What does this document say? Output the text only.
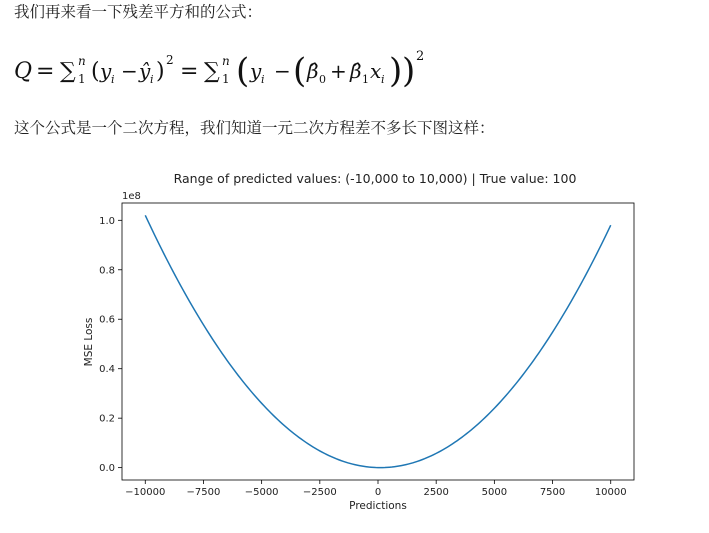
我们再来看一下残差平方和的公式：

Q = ∑ n
1 ( y i − ŷ i ) 2 = ∑ n
1 ( y i − ( β̂ 0 + β̂ 1 x i ) ) 2

这个公式是一个二次方程，我们知道一元二次方程差不多长下图这样：

Range of predicted values: (-10,000 to 10,000) | True value: 100
1e8
−10000 −7500 −5000 −2500	0	2500	5000	7500	10000
0.0
0.2
0.4
0.6
0.8
1.0
Predictions
MSE Loss
